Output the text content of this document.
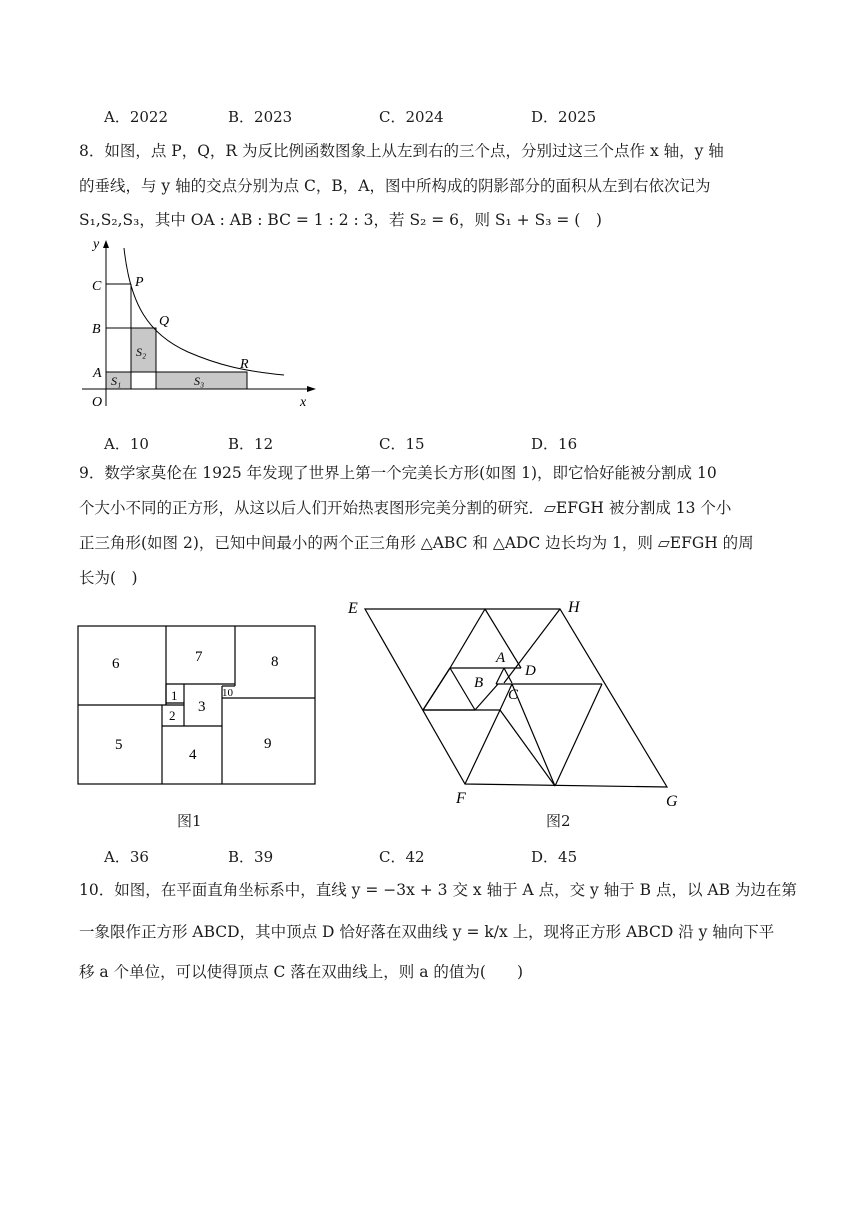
A．2022	B．2023	C．2024	D．2025
8．如图，点 P，Q，R 为反比例函数图象上从左到右的三个点，分别过这三个点作 x 轴，y 轴
的垂线，与 y 轴的交点分别为点 C，B，A，图中所构成的阴影部分的面积从左到右依次记为
S₁,S₂,S₃，其中 OA : AB : BC = 1 : 2 : 3，若 S₂ = 6，则 S₁ + S₃ = (　)
y
x
O
A
B
C P
Q
R
S₁
S₂
S₃
A．10	B．12	C．15	D．16
9．数学家莫伦在 1925 年发现了世界上第一个完美长方形(如图 1)，即它恰好能被分割成 10
个大小不同的正方形，从这以后人们开始热衷图形完美分割的研究．▱EFGH 被分割成 13 个小
正三角形(如图 2)，已知中间最小的两个正三角形 △ABC 和 △ADC 边长均为 1，则 ▱EFGH 的周
长为(　)
6	7	8
1
2
3
10
5
4
9
图1
E	H
F	G
A
B
C
D
图2
A．36	B．39	C．42	D．45
10．如图，在平面直角坐标系中，直线 y = −3x + 3 交 x 轴于 A 点，交 y 轴于 B 点，以 AB 为边在第
一象限作正方形 ABCD，其中顶点 D 恰好落在双曲线 y = k/x 上，现将正方形 ABCD 沿 y 轴向下平
移 a 个单位，可以使得顶点 C 落在双曲线上，则 a 的值为(　　)
